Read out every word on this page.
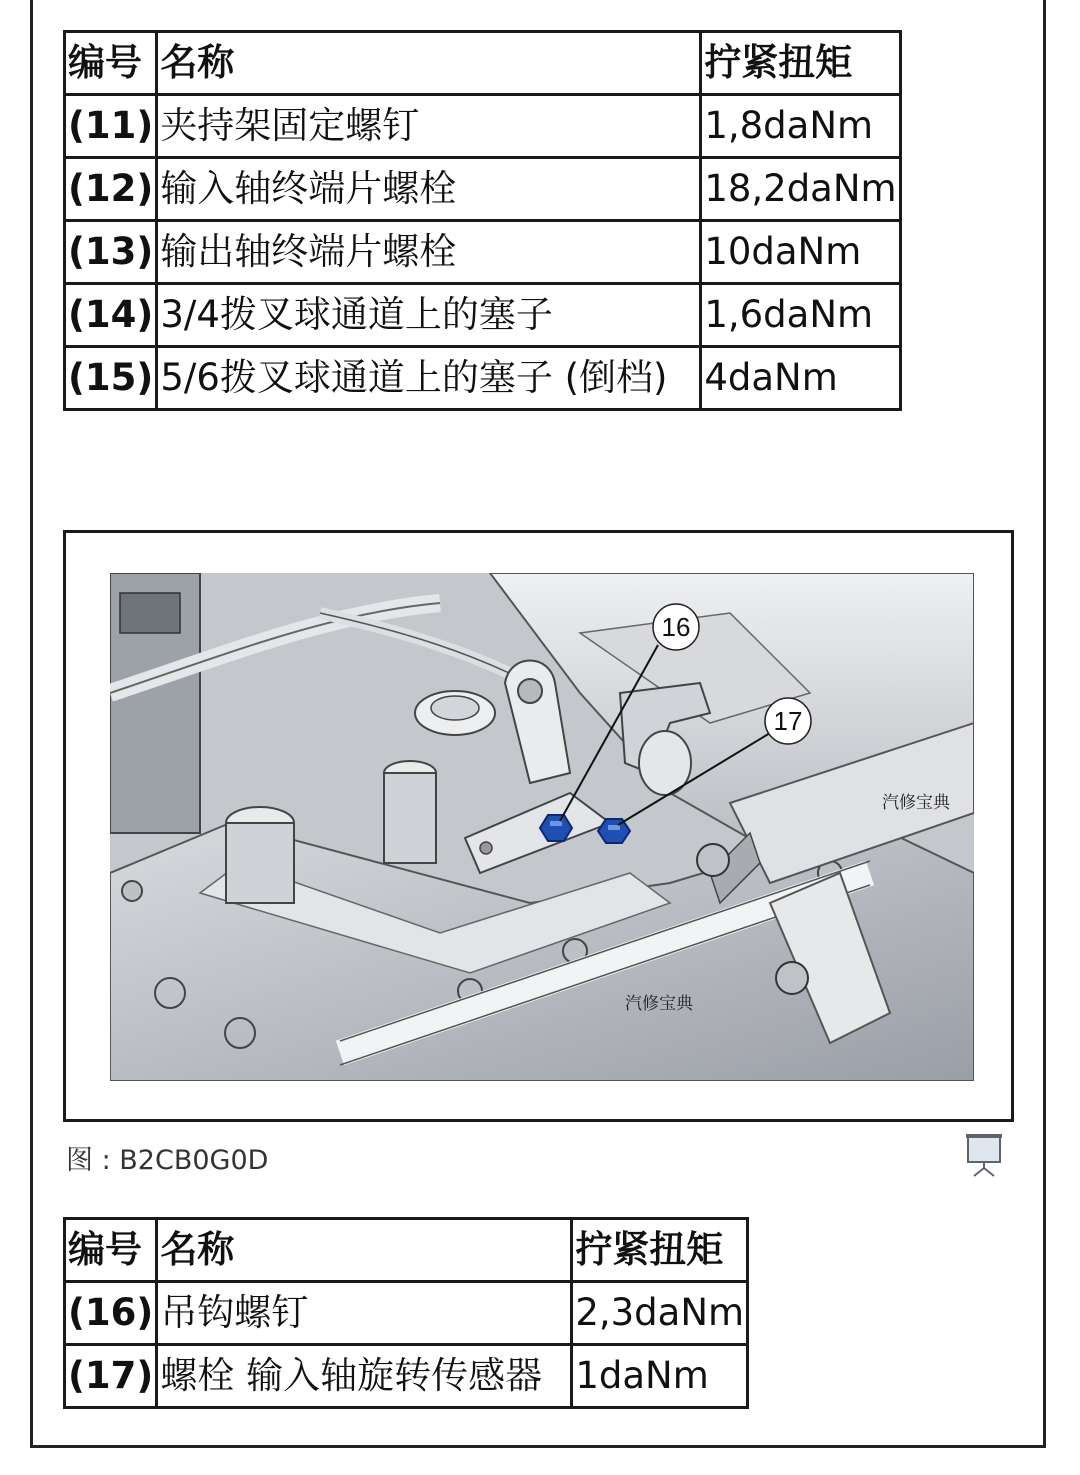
编号	名称	拧紧扭矩
(11)	夹持架固定螺钉	1,8daNm
(12)	输入轴终端片螺栓	18,2daNm
(13)	输出轴终端片螺栓	10daNm
(14)	3/4拨叉球通道上的塞子	1,6daNm
(15)	5/6拨叉球通道上的塞子 (倒档)	4daNm
16
17
汽修宝典
汽修宝典
图 : B2CB0G0D
编号	名称	拧紧扭矩
(16)	吊钩螺钉	2,3daNm
(17)	螺栓 输入轴旋转传感器	1daNm
